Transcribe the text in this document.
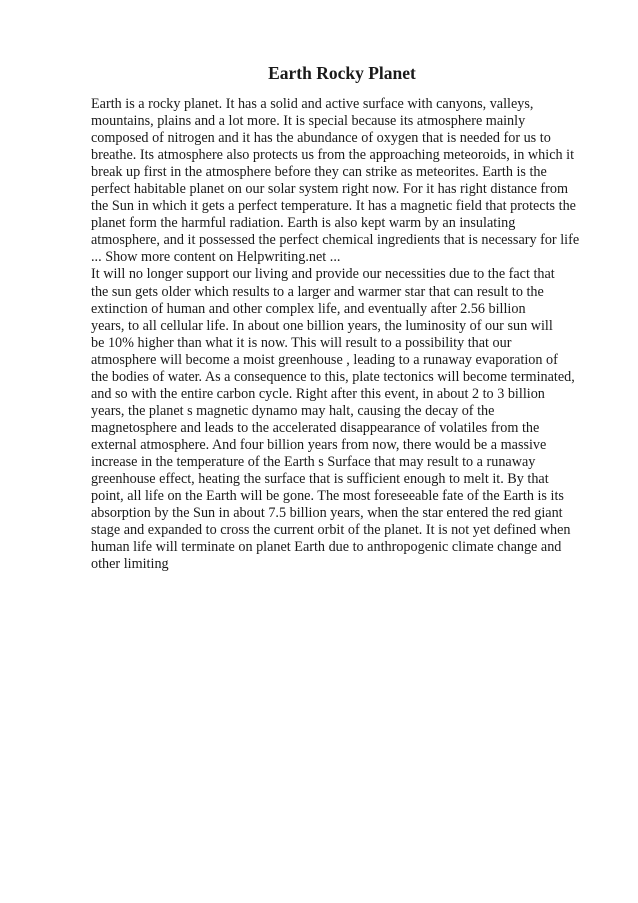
Earth Rocky Planet
Earth is a rocky planet. It has a solid and active surface with canyons, valleys,
mountains, plains and a lot more. It is special because its atmosphere mainly
composed of nitrogen and it has the abundance of oxygen that is needed for us to
breathe. Its atmosphere also protects us from the approaching meteoroids, in which it
break up first in the atmosphere before they can strike as meteorites. Earth is the
perfect habitable planet on our solar system right now. For it has right distance from
the Sun in which it gets a perfect temperature. It has a magnetic field that protects the
planet form the harmful radiation. Earth is also kept warm by an insulating
atmosphere, and it possessed the perfect chemical ingredients that is necessary for life
... Show more content on Helpwriting.net ...
It will no longer support our living and provide our necessities due to the fact that
the sun gets older which results to a larger and warmer star that can result to the
extinction of human and other complex life, and eventually after 2.56 billion
years, to all cellular life. In about one billion years, the luminosity of our sun will
be 10% higher than what it is now. This will result to a possibility that our
atmosphere will become a moist greenhouse , leading to a runaway evaporation of
the bodies of water. As a consequence to this, plate tectonics will become terminated,
and so with the entire carbon cycle. Right after this event, in about 2 to 3 billion
years, the planet s magnetic dynamo may halt, causing the decay of the
magnetosphere and leads to the accelerated disappearance of volatiles from the
external atmosphere. And four billion years from now, there would be a massive
increase in the temperature of the Earth s Surface that may result to a runaway
greenhouse effect, heating the surface that is sufficient enough to melt it. By that
point, all life on the Earth will be gone. The most foreseeable fate of the Earth is its
absorption by the Sun in about 7.5 billion years, when the star entered the red giant
stage and expanded to cross the current orbit of the planet. It is not yet defined when
human life will terminate on planet Earth due to anthropogenic climate change and
other limiting
